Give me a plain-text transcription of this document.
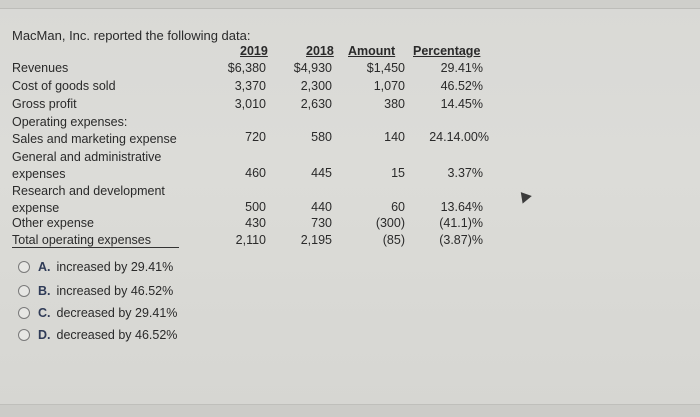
MacMan, Inc. reported the following data:
2019	2018 Amount Percentage
Revenues
Cost of goods sold
Gross profit
Operating expenses:
Sales and marketing expense
General and administrative
expenses
Research and development
expense
Other expense
Total operating expenses
$6,380
3,370
3,010
720
460
500
430
2,110
$4,930
2,300
2,630
580
445
440
730
2,195
$1,450
1,070
380
140
15
60
(300)
(85)
29.41%
46.52%
14.45%
24.14.00%
3.37%
13.64%
(41.1)%
(3.87)%
A. increased by 29.41%
B. increased by 46.52%
C. decreased by 29.41%
D. decreased by 46.52%
